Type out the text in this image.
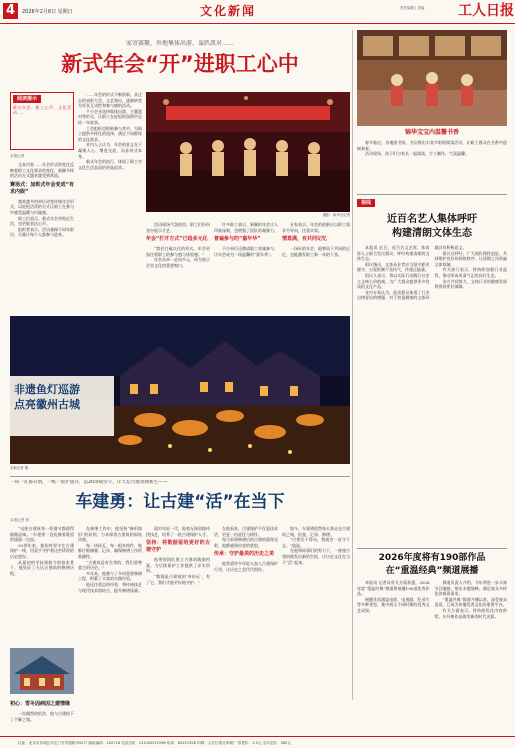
4	2026年2月8日 星期日	文化新闻	责任编辑 | 美编 工人日报
家寄赛聚，外地集体出游、轰趴派对……
新式年会“开”进职工心中
阅读提示
新式年会、职工心声、文化活动……
本报记者

文本内容……年会形式的变化反映着职工文化需求的变化，新颖多样的活动方式越来越受到欢迎。

赛场式：加班式年会变成“有求内娱”

越来越多的单位改变传统年会形式，以轻松活泼的方式让职工在参与中感受温暖与归属感。

职工们表示，新式年会更贴近生活，也更能表达心声。

组织者表示，活动兼顾不同年龄层，尽量让每个人都参与进来。

……年会的形式不断创新，从过去的表彰大会、文艺演出，逐渐转变为更具互动性和参与感的活动。

不少企业选择集体出游、主题派对等形式，让职工在轻松的氛围中总结一年收获。

工会组织也积极参与其中，为职工提供多样化的选择，满足不同群体的文化需求。

业内人士认为，年会的意义在于凝聚人心、增进交流，而非形式本身。

新式年会的流行，体现了职工对文化生活品质的更高追求。

摄影：新华社记者

活动现场气氛热烈，职工们纷纷登台展示才艺。

年会“打开方式”已趋多元化

“我们打破以往的形式，年会更加注重职工的参与感与体验感。”

年会从单一走向多元，成为展示企业文化的重要窗口。

许多职工表示，新颖的年会让人印象深刻，也增强了团队的凝聚力。

普遍参与的“嘉年华”

不少单位还邀请职工家属参与，让年会成为一场温馨的“嘉年华”。

专家表示，年会的创新应以职工需求为导向，注重实效。

情意满，有共同记忆

一场好的年会，能够留下共同的记忆，也能激发职工新一年的干劲。

锦华宝宝内温馨书香

春节临近，各地图书馆、书店推出丰富多彩的阅读活动，让职工群众在书香中迎接新春。

活动现场，孩子们与家长一起阅读、手工制作，气氛温馨。

视线
近百名艺人集体呼吁
构建清朗文体生态

本报讯 近日，近百名文艺界、体育界人士联合发出倡议，呼吁构建清朗的文体生态。

倡议指出，文体从业者应当坚守职业操守，自觉抵制不良风气，传递正能量。

倡议人表示，将以实际行动践行社会主义核心价值观，为广大群众提供更多优质的文化产品。

业内专家认为，此次倡议体现了行业自律意识的增强，对于营造健康的文体环境具有积极意义。

倡议还呼吁，广大网民理性追星，共同维护良好的网络秩序，让清朗之风吹遍文体领域。

有关部门表示，将持续加强行业监管，推动形成风清气正的良好生态。

各方共同努力，文体行业的健康发展将得到更好保障。

非遗鱼灯巡游
点亮徽州古城
本报记者 摄
2026年度将有190部作品
在“重温经典”频道展播

本报讯 记者从有关方面获悉，2026年度“重温经典”频道将展播190部优秀作品。

展播作品涵盖电影、电视剧、纪录片等多种类型，集中展示不同时期的优秀文艺成果。

频道负责人介绍，今年将进一步丰富节目编排，推出专题展映，满足观众多样化的观看需求。

“重温经典”频道开播以来，深受观众喜爱，已成为传播优秀文化的重要平台。

有关方面表示，将持续优化内容供给，让经典作品焕发新的时代光彩。

一砖一瓦都有情，一纸一屋护遗存，以20余载坚守，让天坛古建筑焕新生——
车建勇：让古建“活”在当下
本报记者 张

“这座古建筑每一处细节都值得细细品味。”车建勇一边抚摸着斑驳的墙面一边说。

20余年来，他始终坚守在古建保护一线，用双手守护着这些珍贵的历史遗存。

从最初的学徒到如今的技术骨干，他见证了天坛古建筑的修缮历程。

初心：雪冬因病因之建情缘

一次偶然的机会，他与古建结下了不解之缘。

在修缮工作中，他坚持“修旧如旧”的原则，力求保留古建筑的原始风貌。

每一块砖瓦、每一根木构件，他都仔细测量、记录，确保修缮工作的准确性。

“古建筑是有生命的，我们要尊重它的历史。”

多年来，他参与了多项重要修缮工程，积累了丰富的实践经验。

他还注重总结经验，将传统技艺与现代技术相结合，提升修缮质量。

面对年轻一代，他毫无保留地传授技艺，培养了一批古建保护人才。

坚持：将数据留给更好的古建守护

他带领团队建立古建筑数据档案，为后续保护工作提供了详实资料。

“数据是古建筑的‘身份证’，有了它，我们才能更好地守护。”

在他看来，古建保护不仅是技术活，更是一份责任与情怀。

每当看到修缮后的古建筑重现光彩，他都感到由衷的欣慰。

传承：守护最美的历史之美

他希望更多年轻人加入古建保护行列，让历史之美代代相传。

如今，车建勇依然每天奔走在古建筑之间，检查、记录、修缮。

“只要还干得动，我就会一直守下去。”他说。

在他和同事们的努力下，一座座古建筑焕发出新的生机，让历史文化在当下“活”起来。

社址：北京市东城区安定门外安德路甲61号 邮政编码：100718 电话总机：010-84151598 传真：84151598 印刷：人民日报社印刷厂 零售价：1.5元 全年定价：360元
